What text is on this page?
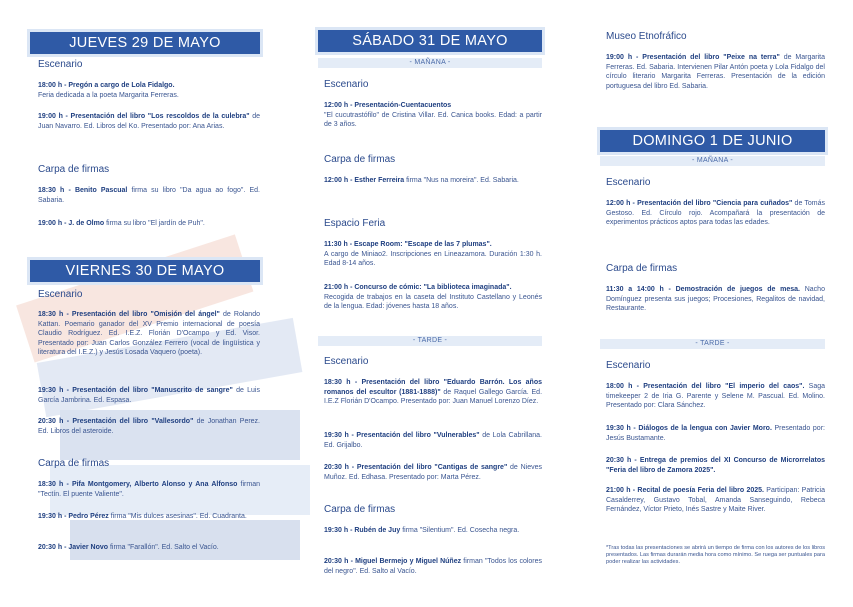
JUEVES 29 DE MAYO
Escenario
18:00 h - Pregón a cargo de Lola Fidalgo.
Feria dedicada a la poeta Margarita Ferreras.
19:00 h - Presentación del libro "Los rescoldos de la culebra" de Juan Navarro. Ed. Libros del Ko. Presentado por: Ana Arias.
Carpa de firmas
18:30 h - Benito Pascual firma su libro "Da agua ao fogo". Ed. Sabaria.
19:00 h - J. de Olmo firma su libro "El jardín de Puh".
VIERNES 30 DE MAYO
Escenario
18:30 h - Presentación del libro "Omisión del ángel" de Rolando Kattan. Poemario ganador del XV Premio internacional de poesía Claudio Rodríguez. Ed. I.E.Z. Florián D'Ocampo y Ed. Visor. Presentado por: Juan Carlos González Ferrero (vocal de lingüística y literatura del I.E.Z.) y Jesús Losada Vaquero (poeta).
19:30 h - Presentación del libro "Manuscrito de sangre" de Luis García Jambrina. Ed. Espasa.
20:30 h - Presentación del libro "Vallesordo" de Jonathan Perez. Ed. Libros del asteroide.
Carpa de firmas
18:30 h - Pifa Montgomery, Alberto Alonso y Ana Alfonso firman "Tectín. El puente Valiente".
19:30 h - Pedro Pérez firma "Mis dulces asesinas". Ed. Cuadranta.
20:30 h - Javier Novo firma "Farallón". Ed. Salto el Vacío.
SÁBADO 31 DE MAYO
- MAÑANA -
Escenario
12:00 h - Presentación-Cuentacuentos
"El cucutrastófilo" de Cristina Villar. Ed. Canica books. Edad: a partir de 3 años.
Carpa de firmas
12:00 h - Esther Ferreira firma "Nus na moreira". Ed. Sabaria.
Espacio Feria
11:30 h - Escape Room: "Escape de las 7 plumas".
A cargo de Miniao2. Inscripciones en Lineazamora. Duración 1:30 h. Edad 8-14 años.
21:00 h - Concurso de cómic: "La biblioteca imaginada".
Recogida de trabajos en la caseta del Instituto Castellano y Leonés de la lengua. Edad: jóvenes hasta 18 años.
- TARDE -
Escenario
18:30 h - Presentación del libro "Eduardo Barrón. Los años romanos del escultor (1881-1888)" de Raquel Gallego García. Ed. I.E.Z Florián D'Ocampo. Presentado por: Juan Manuel Lorenzo Díez.
19:30 h - Presentación del libro "Vulnerables" de Lola Cabrillana. Ed. Grijalbo.
20:30 h - Presentación del libro "Cantigas de sangre" de Nieves Muñoz. Ed. Edhasa. Presentado por: Marta Pérez.
Carpa de firmas
19:30 h - Rubén de Juy firma "Silentium". Ed. Cosecha negra.
20:30 h - Miguel Bermejo y Miguel Núñez firman "Todos los colores del negro". Ed. Salto al Vacío.
Museo Etnofráfico
19:00 h - Presentación del libro "Peixe na terra" de Margarita Ferreras. Ed. Sabaria. Intervienen Pilar Antón poeta y Lola Fidalgo del círculo literario Margarita Ferreras. Presentación de la edición portuguesa del libro Ed. Sabaria.
DOMINGO 1 DE JUNIO
- MAÑANA -
Escenario
12:00 h - Presentación del libro "Ciencia para cuñados" de Tomás Gestoso. Ed. Círculo rojo. Acompañará la presentación de experimentos prácticos aptos para todas las edades.
Carpa de firmas
11:30 a 14:00 h - Demostración de juegos de mesa. Nacho Domínguez presenta sus juegos; Procesiones, Regalitos de navidad, Restaurante.
- TARDE -
Escenario
18:00 h - Presentación del libro "El imperio del caos". Saga timekeeper 2 de Iria G. Parente y Selene M. Pascual. Ed. Molino. Presentado por: Clara Sánchez.
19:30 h - Diálogos de la lengua con Javier Moro. Presentado por: Jesús Bustamante.
20:30 h - Entrega de premios del XI Concurso de Microrrelatos "Feria del libro de Zamora 2025".
21:00 h - Recital de poesía Feria del libro 2025. Participan: Patricia Casalderrey, Gustavo Tobal, Amanda Sanseguindo, Rebeca Fernández, Víctor Prieto, Inés Sastre y Maite River.
*Tras todas las presentaciones se abrirá un tiempo de firma con los autores de los libros presentados. Las firmas durarán media hora como mínimo. Se ruega ser puntuales para poder realizar las actividades.
